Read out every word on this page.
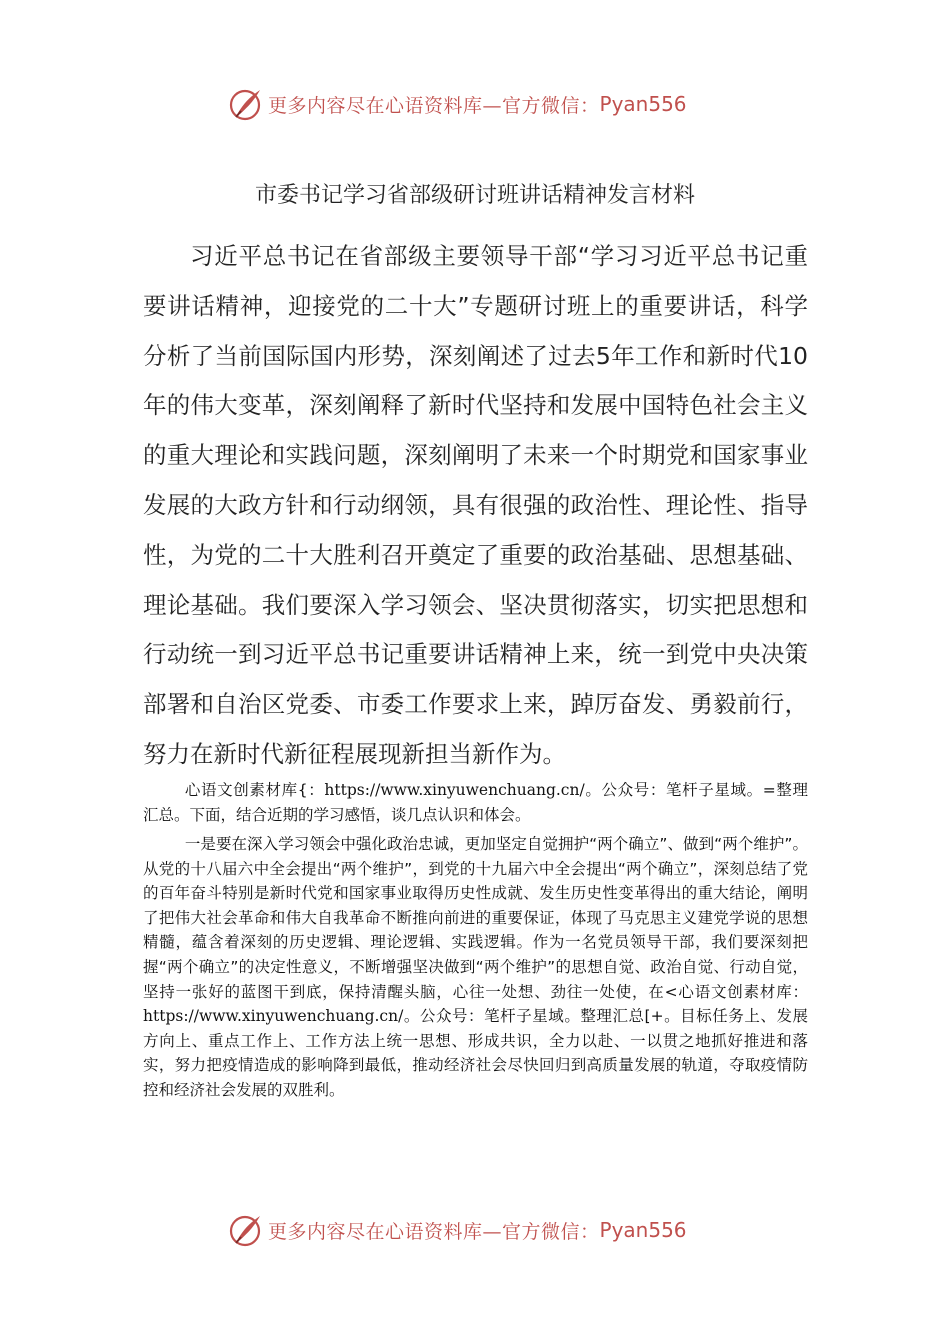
更多内容尽在心语资料库—官方微信： Pyan556
市委书记学习省部级研讨班讲话精神发言材料

习近平总书记在省部级主要领导干部“学习习近平总书记重要讲话精神，迎接党的二十大”专题研讨班上的重要讲话，科学分析了当前国际国内形势，深刻阐述了过去5年工作和新时代10年的伟大变革，深刻阐释了新时代坚持和发展中国特色社会主义的重大理论和实践问题，深刻阐明了未来一个时期党和国家事业发展的大政方针和行动纲领，具有很强的政治性、理论性、指导性，为党的二十大胜利召开奠定了重要的政治基础、思想基础、理论基础。我们要深入学习领会、坚决贯彻落实，切实把思想和行动统一到习近平总书记重要讲话精神上来，统一到党中央决策部署和自治区党委、市委工作要求上来，踔厉奋发、勇毅前行，努力在新时代新征程展现新担当新作为。

心语文创素材库{：https://www.xinyuwenchuang.cn/。公众号：笔杆子星域。=整理汇总。下面，结合近期的学习感悟，谈几点认识和体会。

一是要在深入学习领会中强化政治忠诚，更加坚定自觉拥护“两个确立”、做到“两个维护”。从党的十八届六中全会提出“两个维护”，到党的十九届六中全会提出“两个确立”，深刻总结了党的百年奋斗特别是新时代党和国家事业取得历史性成就、发生历史性变革得出的重大结论，阐明了把伟大社会革命和伟大自我革命不断推向前进的重要保证，体现了马克思主义建党学说的思想精髓，蕴含着深刻的历史逻辑、理论逻辑、实践逻辑。作为一名党员领导干部，我们要深刻把握“两个确立”的决定性意义，不断增强坚决做到“两个维护”的思想自觉、政治自觉、行动自觉，坚持一张好的蓝图干到底，保持清醒头脑，心往一处想、劲往一处使，在<心语文创素材库：https://www.xinyuwenchuang.cn/。公众号：笔杆子星域。整理汇总[+。目标任务上、发展方向上、重点工作上、工作方法上统一思想、形成共识，全力以赴、一以贯之地抓好推进和落实，努力把疫情造成的影响降到最低，推动经济社会尽快回归到高质量发展的轨道，夺取疫情防控和经济社会发展的双胜利。

更多内容尽在心语资料库—官方微信： Pyan556
